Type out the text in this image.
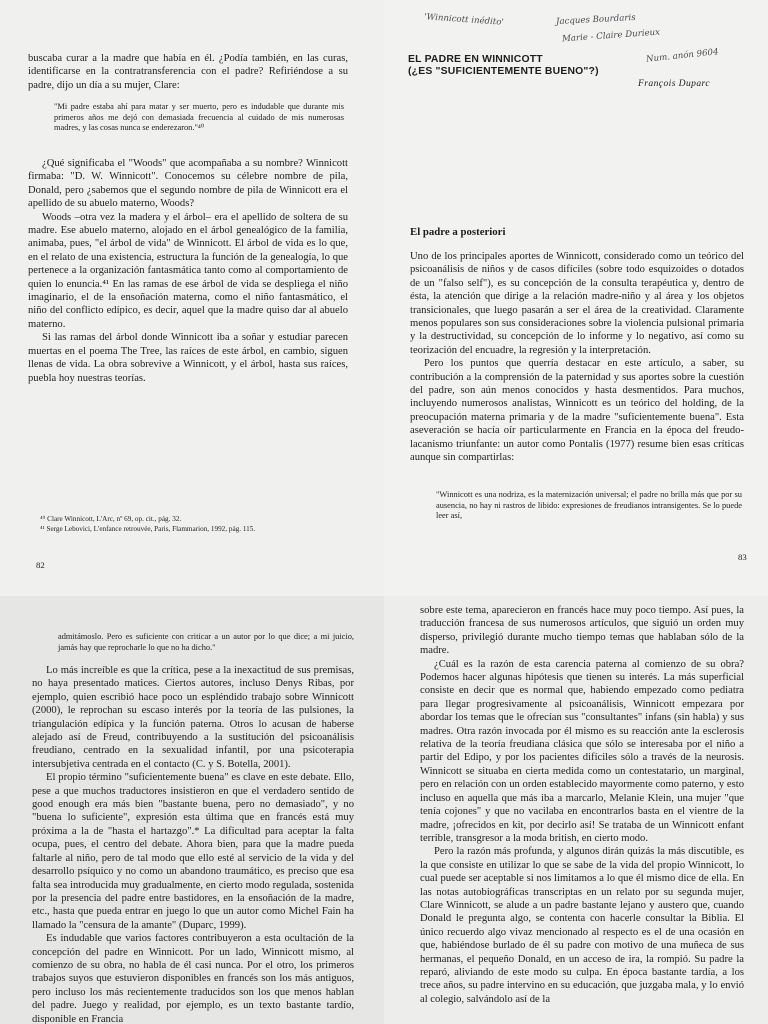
buscaba curar a la madre que había en él. ¿Podía también, en las curas, identificarse en la contratransferencia con el padre? Refiriéndose a su padre, dijo un día a su mujer, Clare:

"Mi padre estaba ahí para matar y ser muerto, pero es indudable que durante mis primeros años me dejó con demasiada frecuencia al cuidado de mis numerosas madres, y las cosas nunca se enderezaron."⁴⁰

¿Qué significaba el "Woods" que acompañaba a su nombre? Winnicott firmaba: "D. W. Winnicott". Conocemos su célebre nombre de pila, Donald, pero ¿sabemos que el segundo nombre de pila de Winnicott era el apellido de su abuelo materno, Woods?

Woods –otra vez la madera y el árbol– era el apellido de soltera de su madre. Ese abuelo materno, alojado en el árbol genealógico de la familia, animaba, pues, "el árbol de vida" de Winnicott. El árbol de vida es lo que, en el relato de una existencia, estructura la función de la genealogía, lo que pertenece a la organización fantasmática tanto como al comportamiento de quien lo enuncia.⁴¹ En las ramas de ese árbol de vida se despliega el niño imaginario, el de la ensoñación materna, como el niño fantasmático, el niño del conflicto edípico, es decir, aquel que la madre quiso dar al abuelo materno.

Si las ramas del árbol donde Winnicott iba a soñar y estudiar parecen muertas en el poema The Tree, las raíces de este árbol, en cambio, siguen llenas de vida. La obra sobrevive a Winnicott, y el árbol, hasta sus raíces, puebla hoy nuestras teorías.

⁴⁰ Clare Winnicott, L'Arc, nº 69, op. cit., pág. 32.
⁴¹ Serge Lebovici, L'enfance retrouvée, Paris, Flammarion, 1992, pág. 115.
82
'Winnicott inédito'	Jacques Bourdaris
Marie - Claire Durieux
Num. anón 9604
EL PADRE EN WINNICOTT
(¿ES "SUFICIENTEMENTE BUENO"?)
François Duparc
El padre a posteriori

Uno de los principales aportes de Winnicott, considerado como un teórico del psicoanálisis de niños y de casos difíciles (sobre todo esquizoides o dotados de un "falso self"), es su concepción de la consulta terapéutica y, dentro de ésta, la atención que dirige a la relación madre-niño y al área y los objetos transicionales, que luego pasarán a ser el área de la creatividad. Claramente menos populares son sus consideraciones sobre la violencia pulsional primaria y la destructividad, su concepción de lo informe y lo negativo, así como su teorización del encuadre, la regresión y la interpretación.

Pero los puntos que querría destacar en este artículo, a saber, su contribución a la comprensión de la paternidad y sus aportes sobre la cuestión del padre, son aún menos conocidos y hasta desmentidos. Para muchos, incluyendo numerosos analistas, Winnicott es un teórico del holding, de la preocupación materna primaria y de la madre "suficientemente buena". Esta aseveración se hacía oír particularmente en Francia en la época del freudo-lacanismo triunfante: un autor como Pontalis (1977) resume bien esas críticas aunque sin compartirlas:

"Winnicott es una nodriza, es la maternización universal; el padre no brilla más que por su ausencia, no hay ni rastros de libido: expresiones de freudianos intransigentes. Se lo puede leer así,

83

admitámoslo. Pero es suficiente con criticar a un autor por lo que dice; a mi juicio, jamás hay que reprocharle lo que no ha dicho."

Lo más increíble es que la crítica, pese a la inexactitud de sus premisas, no haya presentado matices. Ciertos autores, incluso Denys Ribas, por ejemplo, quien escribió hace poco un espléndido trabajo sobre Winnicott (2000), le reprochan su escaso interés por la teoría de las pulsiones, la triangulación edípica y la función paterna. Otros lo acusan de haberse alejado así de Freud, contribuyendo a la sustitución del psicoanálisis freudiano, centrado en la sexualidad infantil, por una psicoterapia intersubjetiva centrada en el contacto (C. y S. Botella, 2001).

El propio término "suficientemente buena" es clave en este debate. Ello, pese a que muchos traductores insistieron en que el verdadero sentido de good enough era más bien "bastante buena, pero no demasiado", y no "buena lo suficiente", expresión esta última que en francés está muy próxima a la de "hasta el hartazgo".* La dificultad para aceptar la falta ocupa, pues, el centro del debate. Ahora bien, para que la madre pueda faltarle al niño, pero de tal modo que ello esté al servicio de la vida y del desarrollo psíquico y no como un abandono traumático, es preciso que esa falta sea introducida muy gradualmente, en cierto modo regulada, sostenida por la presencia del padre entre bastidores, en la ensoñación de la madre, etc., hasta que pueda entrar en juego lo que un autor como Michel Fain ha llamado la "censura de la amante" (Duparc, 1999).

Es indudable que varios factores contribuyeron a esta ocultación de la concepción del padre en Winnicott. Por un lado, Winnicott mismo, al comienzo de su obra, no habla de él casi nunca. Por el otro, los primeros trabajos suyos que estuvieron disponibles en francés son los más antiguos, pero incluso los más recientemente traducidos son los que menos hablan del padre. Juego y realidad, por ejemplo, es un texto bastante tardío, disponible en Francia

sobre este tema, aparecieron en francés hace muy poco tiempo. Así pues, la traducción francesa de sus numerosos artículos, que siguió un orden muy disperso, privilegió durante mucho tiempo temas que hablaban sólo de la madre.

¿Cuál es la razón de esta carencia paterna al comienzo de su obra? Podemos hacer algunas hipótesis que tienen su interés. La más superficial consiste en decir que es normal que, habiendo empezado como pediatra para llegar progresivamente al psicoanálisis, Winnicott empezara por abordar los temas que le ofrecían sus "consultantes" infans (sin habla) y sus madres. Otra razón invocada por él mismo es su reacción ante la esclerosis relativa de la teoría freudiana clásica que sólo se interesaba por el niño a partir del Edipo, y por los pacientes difíciles sólo a través de la neurosis. Winnicott se situaba en cierta medida como un contestatario, un marginal, pero en relación con un orden establecido mayormente como paterno, y esto incluso en aquella que más iba a marcarlo, Melanie Klein, una mujer "que tenía cojones" y que no vacilaba en encontrarlos basta en el vientre de la madre, ¡ofrecidos en kit, por decirlo así! Se trataba de un Winnicott enfant terrible, transgresor a la moda british, en cierto modo.

Pero la razón más profunda, y algunos dirán quizás la más discutible, es la que consiste en utilizar lo que se sabe de la vida del propio Winnicott, lo cual puede ser aceptable si nos limitamos a lo que él mismo dice de ella. En las notas autobiográficas transcriptas en un relato por su segunda mujer, Clare Winnicott, se alude a un padre bastante lejano y austero que, cuando Donald le pregunta algo, se contenta con hacerle consultar la Biblia. El único recuerdo algo vivaz mencionado al respecto es el de una ocasión en que, habiéndose burlado de él su padre con motivo de una muñeca de sus hermanas, el pequeño Donald, en un acceso de ira, la rompió. Su padre la reparó, aliviando de este modo su culpa. En época bastante tardía, a los trece años, su padre intervino en su educación, que juzgaba mala, y lo envió al colegio, salvándolo así de la
